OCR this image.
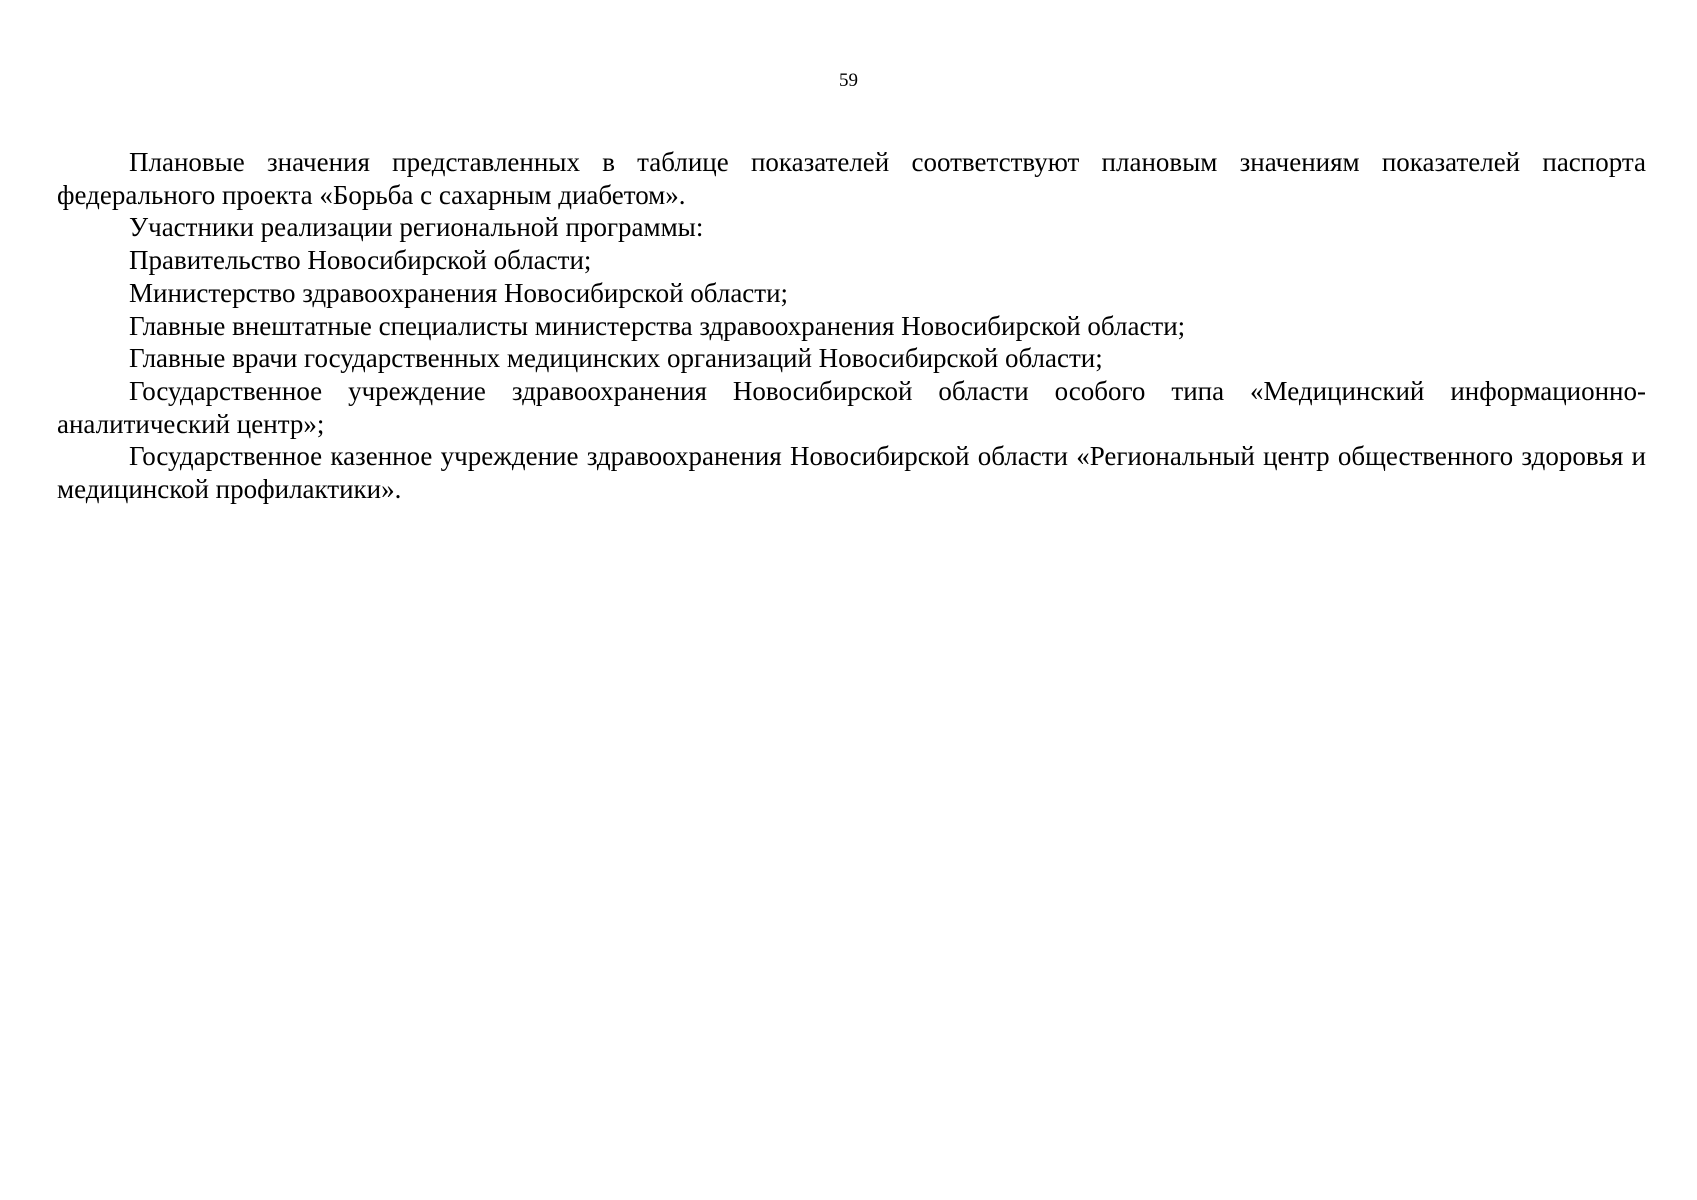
59

Плановые значения представленных в таблице показателей соответствуют плановым значениям показателей паспорта федерального проекта «Борьба с сахарным диабетом».

Участники реализации региональной программы:

Правительство Новосибирской области;

Министерство здравоохранения Новосибирской области;

Главные внештатные специалисты министерства здравоохранения Новосибирской области;

Главные врачи государственных медицинских организаций Новосибирской области;

Государственное учреждение здравоохранения Новосибирской области особого типа «Медицинский информационно-аналитический центр»;

Государственное казенное учреждение здравоохранения Новосибирской области «Региональный центр общественного здоровья и медицинской профилактики».
